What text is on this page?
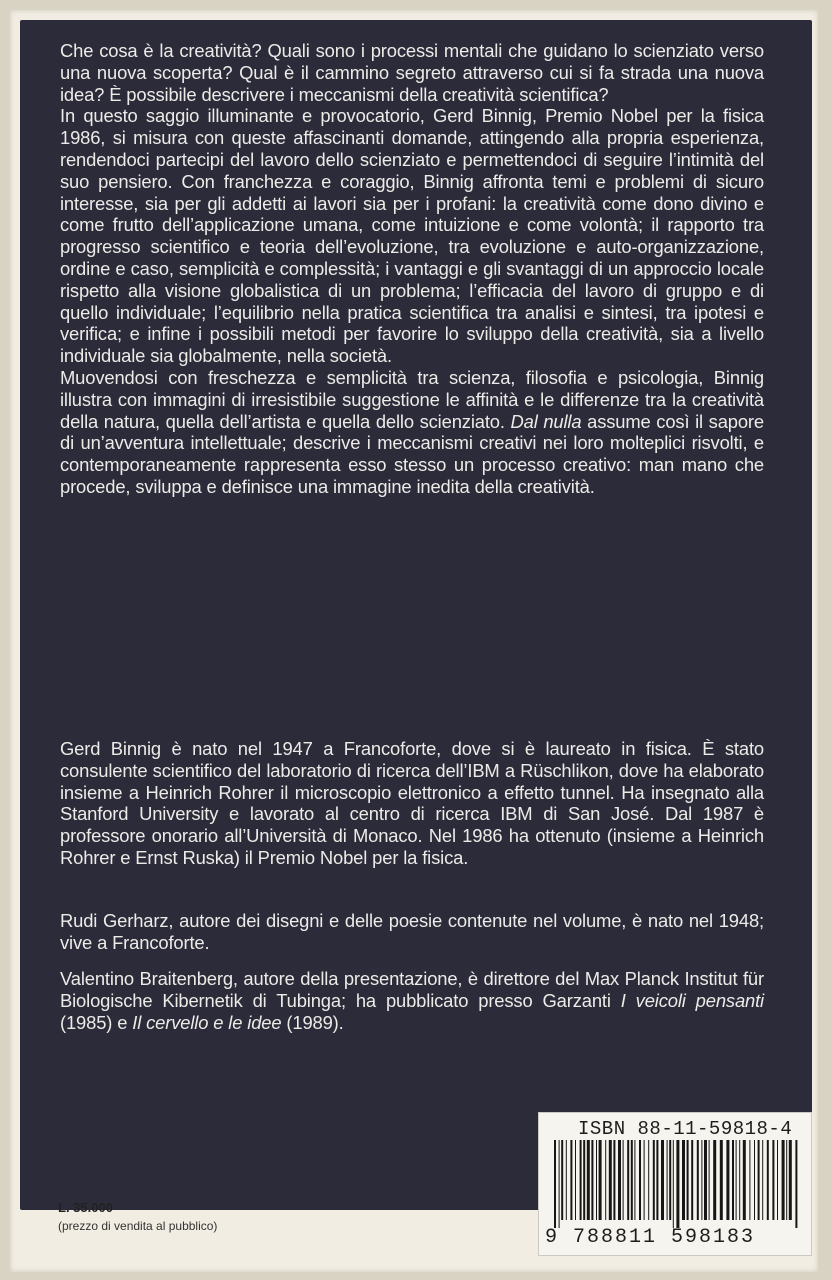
Che cosa è la creatività? Quali sono i processi mentali che guidano lo scienziato verso una nuova scoperta? Qual è il cammino segreto attraverso cui si fa strada una nuova idea? È possibile descrivere i meccanismi della creatività scientifica?

In questo saggio illuminante e provocatorio, Gerd Binnig, Premio Nobel per la fisica 1986, si misura con queste affascinanti domande, attingendo alla propria esperienza, rendendoci partecipi del lavoro dello scienziato e permettendoci di seguire l’intimità del suo pensiero. Con franchezza e coraggio, Binnig affronta temi e problemi di sicuro interesse, sia per gli addetti ai lavori sia per i profani: la creatività come dono divino e come frutto dell’applicazione umana, come intuizione e come volontà; il rapporto tra progresso scientifico e teoria dell’evoluzione, tra evoluzione e auto-organizzazione, ordine e caso, semplicità e complessità; i vantaggi e gli svantaggi di un approccio locale rispetto alla visione globalistica di un problema; l’efficacia del lavoro di gruppo e di quello individuale; l’equilibrio nella pratica scientifica tra analisi e sintesi, tra ipotesi e verifica; e infine i possibili metodi per favorire lo sviluppo della creatività, sia a livello individuale sia globalmente, nella società.

Muovendosi con freschezza e semplicità tra scienza, filosofia e psicologia, Binnig illustra con immagini di irresistibile suggestione le affinità e le differenze tra la creatività della natura, quella dell’artista e quella dello scienziato. Dal nulla assume così il sapore di un’avventura intellettuale; descrive i meccanismi creativi nei loro molteplici risvolti, e contemporaneamente rappresenta esso stesso un processo creativo: man mano che procede, sviluppa e definisce una immagine inedita della creatività.

Gerd Binnig è nato nel 1947 a Francoforte, dove si è laureato in fisica. È stato consulente scientifico del laboratorio di ricerca dell’IBM a Rüschlikon, dove ha elaborato insieme a Heinrich Rohrer il microscopio elettronico a effetto tunnel. Ha insegnato alla Stanford University e lavorato al centro di ricerca IBM di San José. Dal 1987 è professore onorario all’Università di Monaco. Nel 1986 ha ottenuto (insieme a Heinrich Rohrer e Ernst Ruska) il Premio Nobel per la fisica.

Rudi Gerharz, autore dei disegni e delle poesie contenute nel volume, è nato nel 1948; vive a Francoforte.

Valentino Braitenberg, autore della presentazione, è direttore del Max Planck Institut für Biologische Kibernetik di Tubinga; ha pubblicato presso Garzanti I veicoli pensanti (1985) e Il cervello e le idee (1989).

ISBN 88-11-59818-4
9 788811 598183
L. 35.000
(prezzo di vendita al pubblico)
